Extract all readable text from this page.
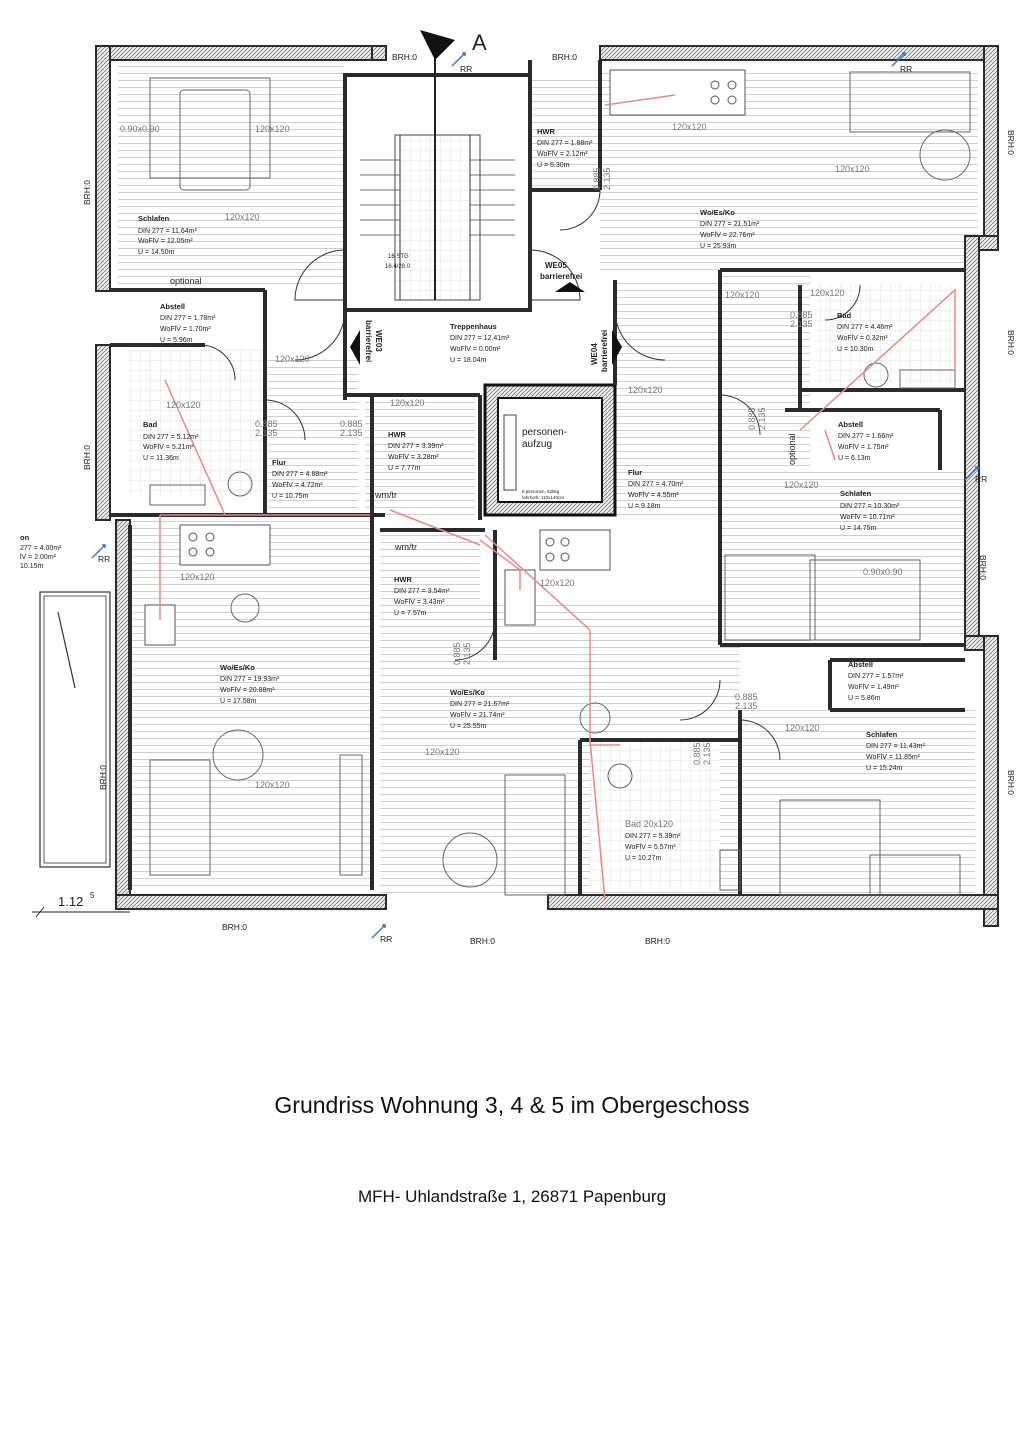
A
RR	RR
RR
RR
RR
BRH:0	BRH:0
BRH:0
BRH:0	BRH:0
BRH:0
BRH:0
BRH:0
BRH:0
BRH:0
BRH:0
BRH:0
0.90x0.90	120x120
120x120
120x120
120x120	120x120
120x120
120x120
120x120	120x120
120x120
120x120
0.90x0.90
120x120
120x120
120x120
120x120
120x120
Bad 20x120
0.885
2.135
0.885
2.135
0.885
2.135
0.885
2.135
0.885 2.135
0.885 2.135
0.885 2.135
0.885 2.135
optional
optional
personen-
aufzug
8 personen, 625kg
fahrkorb: 110x140cm
wm/tr
wm/tr
16 STG
16.4/28.0
WE03
barrierefrei	WE04 barrierefrei
WE05
barrierefrei
1.12 5
on
277 = 4.00m²
lV = 2.00m²
10.15m
Schlafen
DIN 277 = 11.64m²
WoFlV = 12.05m²
U = 14.50m
Abstell
DIN 277 = 1.78m²
WoFlV = 1.70m²
U = 5.96m
Bad
DIN 277 = 5.12m²
WoFlV = 5.21m²
U = 11.36m	Flur
DIN 277 = 4.88m²
WoFlV = 4.72m²
U = 10.75m
HWR
DIN 277 = 3.39m²
WoFlV = 3.28m²
U = 7.77m
Treppenhaus
DIN 277 = 12.41m²
WoFlV = 0.00m²
U = 18.04m
HWR
DIN 277 = 1.88m²
WoFlV = 2.12m²
U = 6.30m
Wo/Es/Ko
DIN 277 = 21.51m²
WoFlV = 22.76m²
U = 25.93m
Bad
DIN 277 = 4.46m²
WoFlV = 0.32m²
U = 10.30m
Abstell
DIN 277 = 1.66m²
WoFlV = 1.75m²
U = 6.13m
Schlafen
DIN 277 = 10.30m²
WoFlV = 10.71m²
U = 14.75m
Flur
DIN 277 = 4.70m²
WoFlV = 4.55m²
U = 9.18m
Wo/Es/Ko
DIN 277 = 19.93m²
WoFlV = 20.88m²
U = 17.58m
HWR
DIN 277 = 3.54m²
WoFlV = 3.43m²
U = 7.57m
Wo/Es/Ko
DIN 277 = 21.67m²
WoFlV = 21.74m²
U = 25.55m
Abstell
DIN 277 = 1.57m²
WoFlV = 1.49m²
U = 5.86m
Schlafen
DIN 277 = 11.43m²
WoFlV = 11.85m²
U = 15.24m
DIN 277 = 5.39m²
WoFlV = 5.57m²
U = 10.27m
Grundriss Wohnung 3, 4 & 5 im Obergeschoss
MFH- Uhlandstraße 1, 26871 Papenburg
